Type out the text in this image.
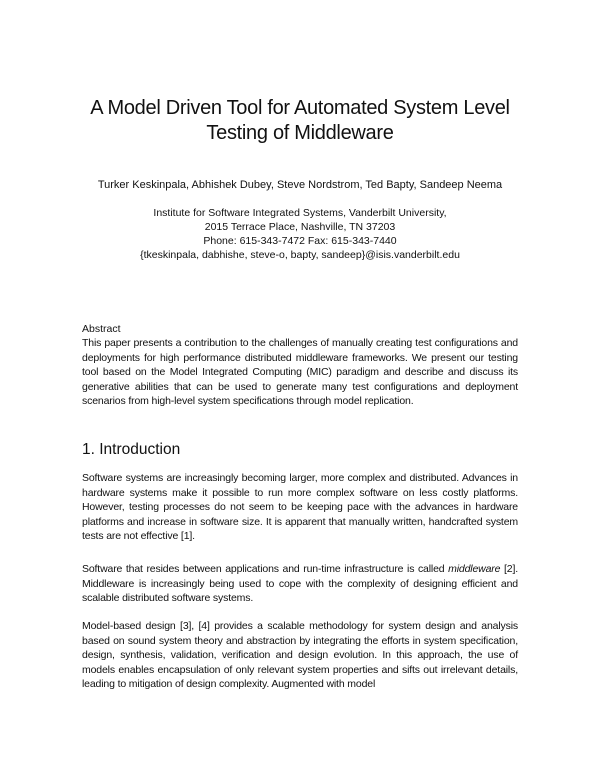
A Model Driven Tool for Automated System Level
Testing of Middleware
Turker Keskinpala, Abhishek Dubey, Steve Nordstrom, Ted Bapty, Sandeep Neema
Institute for Software Integrated Systems, Vanderbilt University,
2015 Terrace Place, Nashville, TN 37203
Phone: 615-343-7472 Fax: 615-343-7440
{tkeskinpala, dabhishe, steve-o, bapty, sandeep}@isis.vanderbilt.edu
Abstract
This paper presents a contribution to the challenges of manually creating test configurations and deployments for high performance distributed middleware frameworks. We present our testing tool based on the Model Integrated Computing (MIC) paradigm and describe and discuss its generative abilities that can be used to generate many test configurations and deployment scenarios from high-level system specifications through model replication.
1. Introduction
Software systems are increasingly becoming larger, more complex and distributed. Advances in hardware systems make it possible to run more complex software on less costly platforms. However, testing processes do not seem to be keeping pace with the advances in hardware platforms and increase in software size. It is apparent that manually written, handcrafted system tests are not effective [1].
Software that resides between applications and run-time infrastructure is called middleware [2]. Middleware is increasingly being used to cope with the complexity of designing efficient and scalable distributed software systems.
Model-based design [3], [4] provides a scalable methodology for system design and analysis based on sound system theory and abstraction by integrating the efforts in system specification, design, synthesis, validation, verification and design evolution. In this approach, the use of models enables encapsulation of only relevant system properties and sifts out irrelevant details, leading to mitigation of design complexity. Augmented with model
